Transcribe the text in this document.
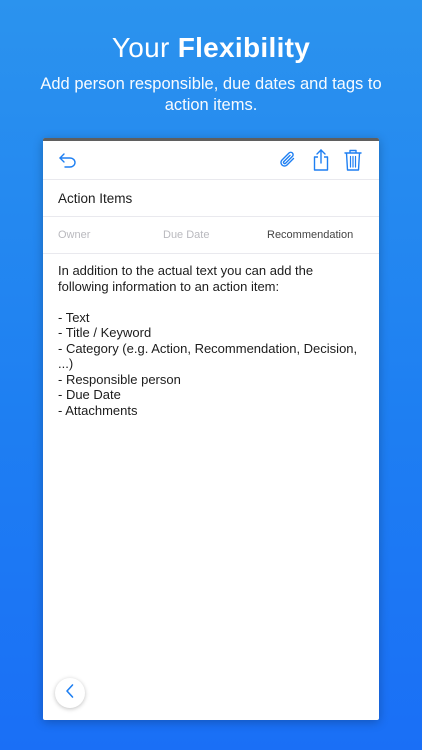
Your Flexibility
Add person responsible, due dates and tags to action items.
Action Items
Owner	Due Date	Recommendation
In addition to the actual text you can add the following information to an action item:

- Text
- Title / Keyword
- Category (e.g. Action, Recommendation, Decision, ...)
- Responsible person
- Due Date
- Attachments
